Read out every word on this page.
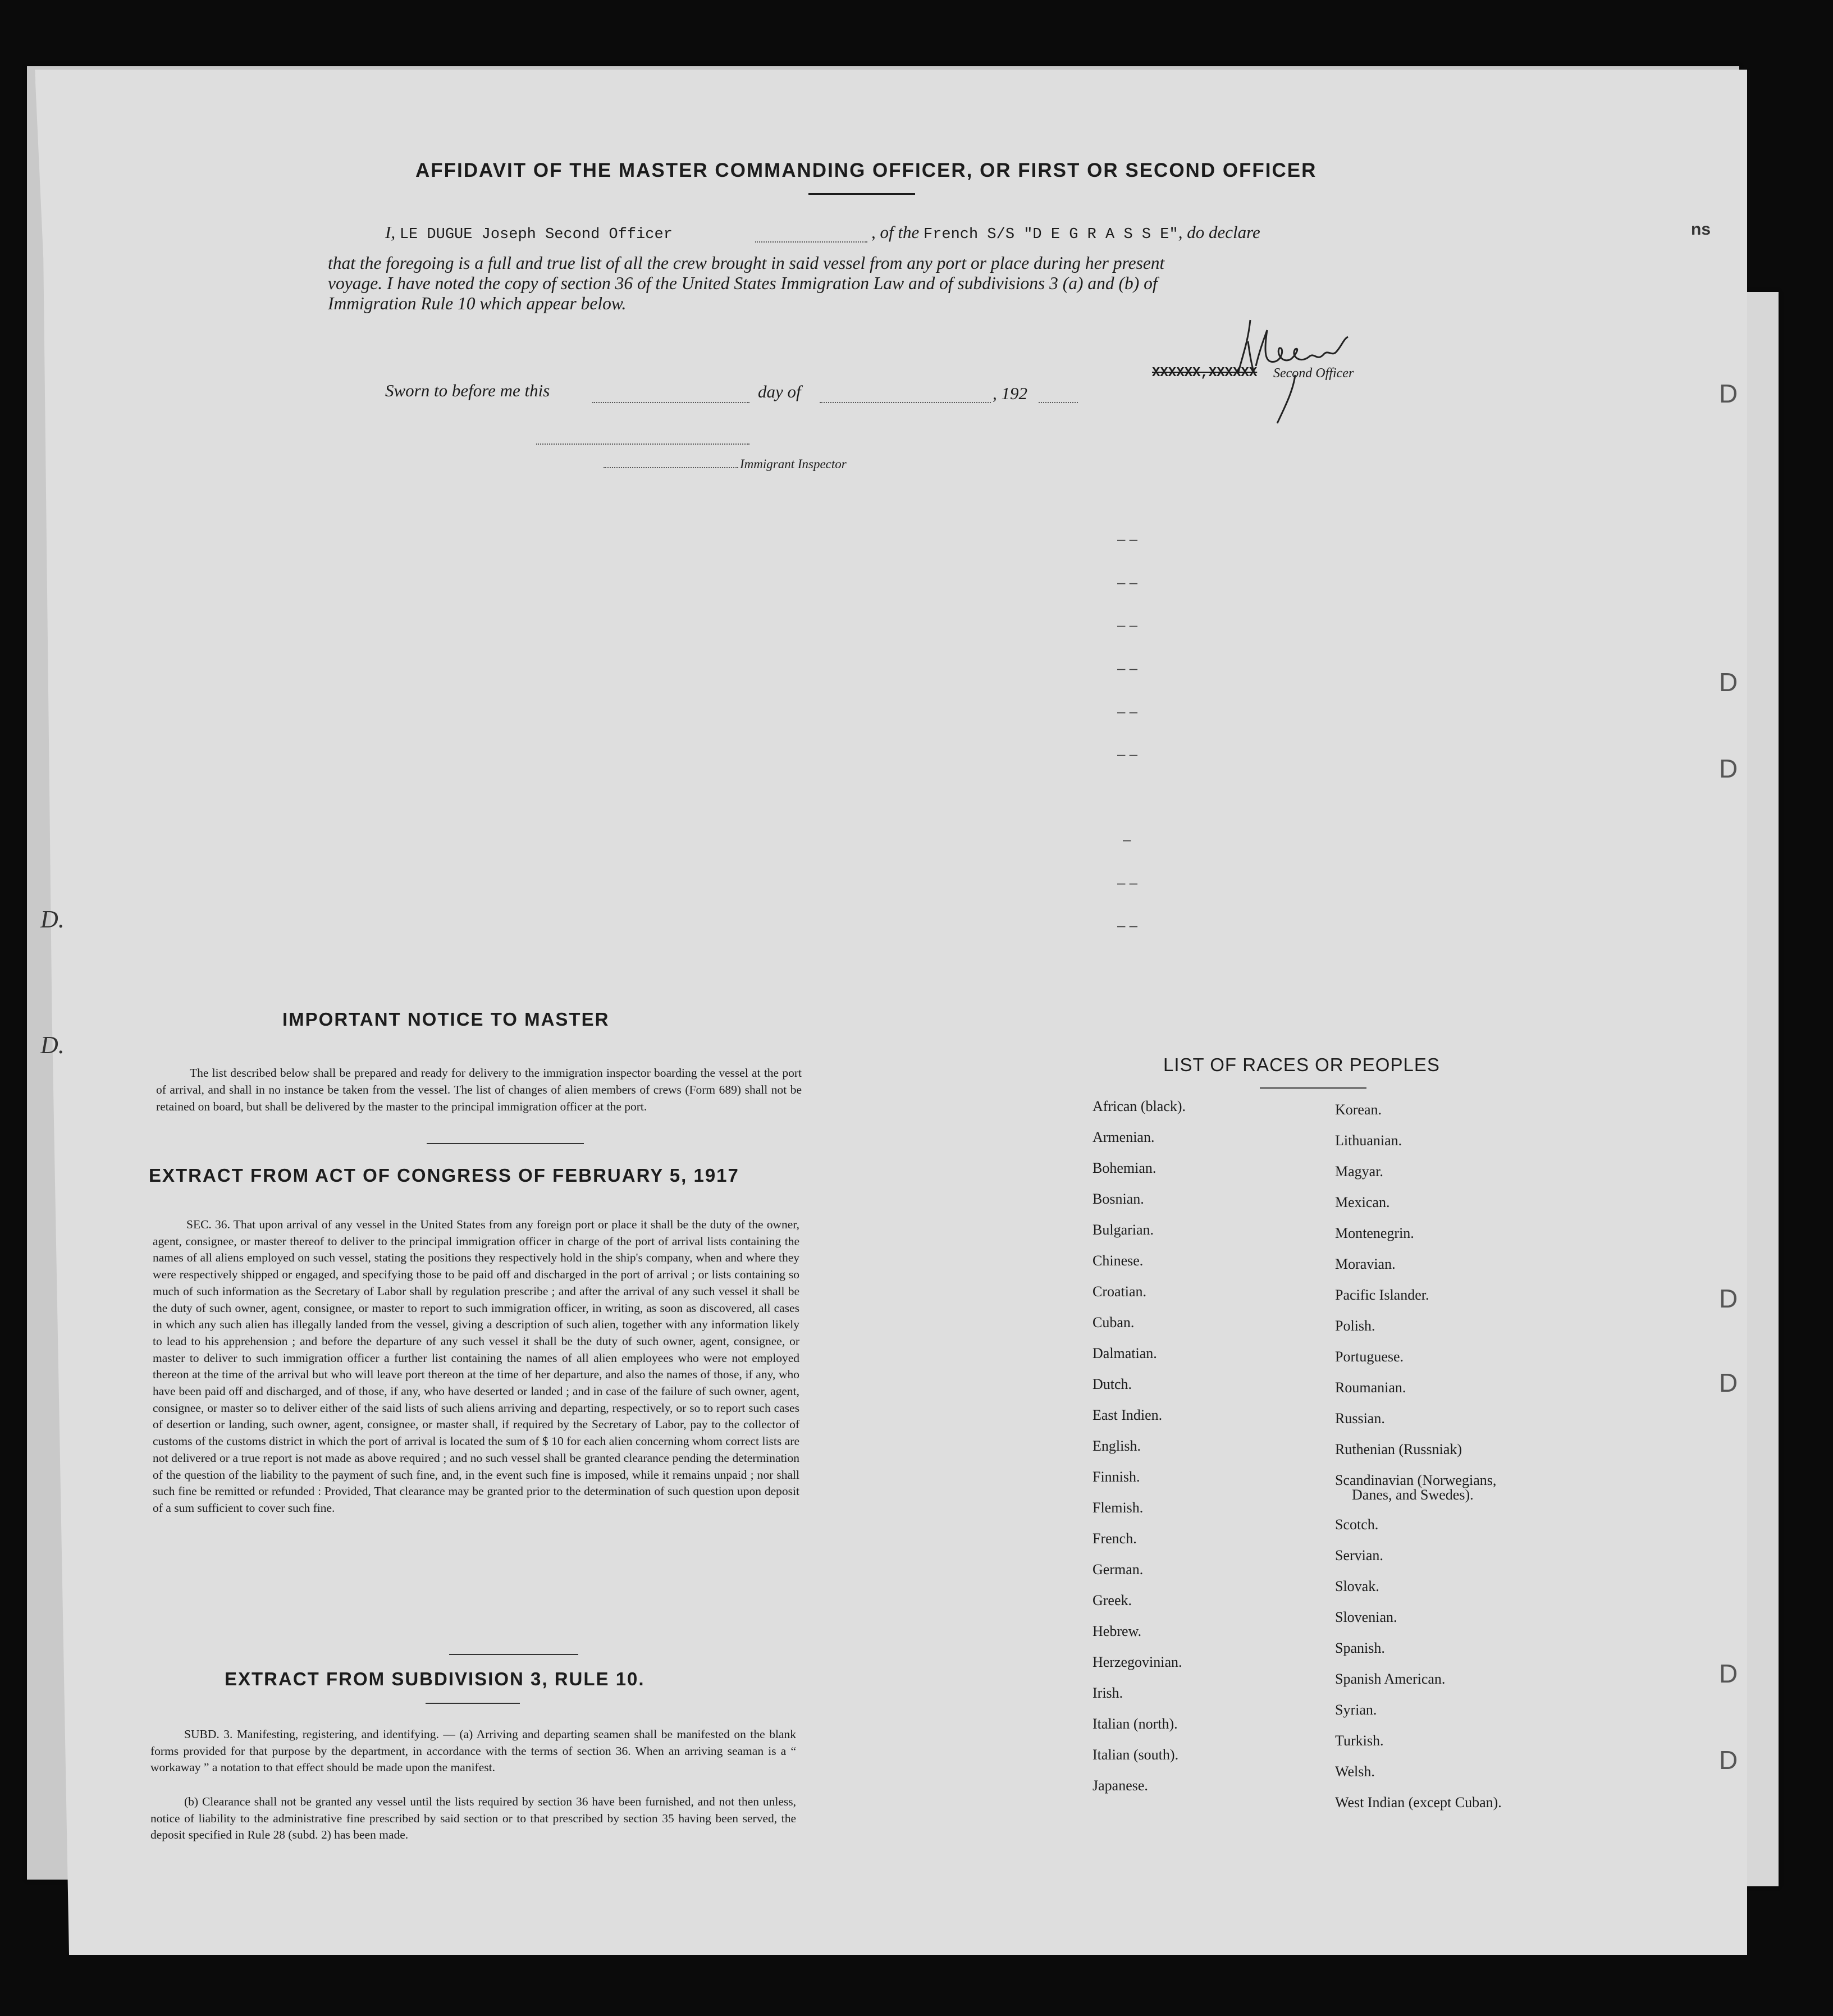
ns
AFFIDAVIT OF THE MASTER COMMANDING OFFICER, OR FIRST OR SECOND OFFICER
I, LE DUGUE Joseph Second Officer	, of the French S/S "D E G R A S S E", do declare
that the foregoing is a full and true list of all the crew brought in said vessel from any port or place during her present
voyage. I have noted the copy of section 36 of the United States Immigration Law and of subdivisions 3 (a) and (b) of
Immigration Rule 10 which appear below.
XXXXXX,XXXXXX Second Officer
Sworn to before me this	day of	, 192
Immigrant Inspector
– –
– –
– –
– –
– –
– –
–
– –
– –
IMPORTANT NOTICE TO MASTER
The list described below shall be prepared and ready for delivery to the immigration inspector boarding the vessel at the port of arrival, and shall in no instance be taken from the vessel. The list of changes of alien members of crews (Form 689) shall not be retained on board, but shall be delivered by the master to the principal immigration officer at the port.
EXTRACT FROM ACT OF CONGRESS OF FEBRUARY 5, 1917
SEC. 36. That upon arrival of any vessel in the United States from any foreign port or place it shall be the duty of the owner, agent, consignee, or master thereof to deliver to the principal immigration officer in charge of the port of arrival lists containing the names of all aliens employed on such vessel, stating the positions they respectively hold in the ship's company, when and where they were respectively shipped or engaged, and specifying those to be paid off and discharged in the port of arrival ; or lists containing so much of such information as the Secretary of Labor shall by regulation prescribe ; and after the arrival of any such vessel it shall be the duty of such owner, agent, consignee, or master to report to such immigration officer, in writing, as soon as discovered, all cases in which any such alien has illegally landed from the vessel, giving a description of such alien, together with any information likely to lead to his apprehension ; and before the departure of any such vessel it shall be the duty of such owner, agent, consignee, or master to deliver to such immigration officer a further list containing the names of all alien employees who were not employed thereon at the time of the arrival but who will leave port thereon at the time of her departure, and also the names of those, if any, who have been paid off and discharged, and of those, if any, who have deserted or landed ; and in case of the failure of such owner, agent, consignee, or master so to deliver either of the said lists of such aliens arriving and departing, respectively, or so to report such cases of desertion or landing, such owner, agent, consignee, or master shall, if required by the Secretary of Labor, pay to the collector of customs of the customs district in which the port of arrival is located the sum of $ 10 for each alien concerning whom correct lists are not delivered or a true report is not made as above required ; and no such vessel shall be granted clearance pending the determination of the question of the liability to the payment of such fine, and, in the event such fine is imposed, while it remains unpaid ; nor shall such fine be remitted or refunded : Provided, That clearance may be granted prior to the determination of such question upon deposit of a sum sufficient to cover such fine.
EXTRACT FROM SUBDIVISION 3, RULE 10.
SUBD. 3. Manifesting, registering, and identifying. — (a) Arriving and departing seamen shall be manifested on the blank forms provided for that purpose by the department, in accordance with the terms of section 36. When an arriving seaman is a “ workaway ” a notation to that effect should be made upon the manifest.
(b) Clearance shall not be granted any vessel until the lists required by section 36 have been furnished, and not then unless, notice of liability to the administrative fine prescribed by said section or to that prescribed by section 35 having been served, the deposit specified in Rule 28 (subd. 2) has been made.
LIST OF RACES OR PEOPLES
African (black).
Armenian.
Bohemian.
Bosnian.
Bulgarian.
Chinese.
Croatian.
Cuban.
Dalmatian.
Dutch.
East Indien.
English.
Finnish.
Flemish.
French.
German.
Greek.
Hebrew.
Herzegovinian.
Irish.
Italian (north).
Italian (south).
Japanese.
Korean.
Lithuanian.
Magyar.
Mexican.
Montenegrin.
Moravian.
Pacific Islander.
Polish.
Portuguese.
Roumanian.
Russian.
Ruthenian (Russniak)
Scandinavian (Norwegians,
Danes, and Swedes).
Scotch.
Servian.
Slovak.
Slovenian.
Spanish.
Spanish American.
Syrian.
Turkish.
Welsh.
West Indian (except Cuban).
D
D
D
D
D
D
D
D.
D.
